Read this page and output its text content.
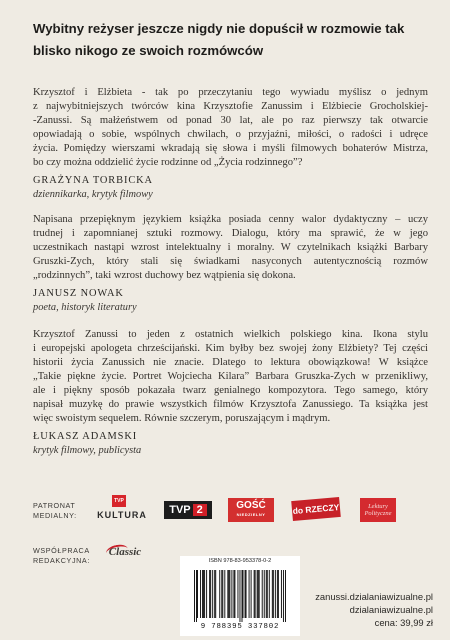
Wybitny reżyser jeszcze nigdy nie dopuścił w rozmowie tak
blisko nikogo ze swoich rozmówców
Krzysztof i Elżbieta - tak po przeczytaniu tego wywiadu myślisz o jednym
z najwybitniejszych twórców kina Krzysztofie Zanussim i Elżbiecie Grocholskiej-
-Zanussi. Są małżeństwem od ponad 30 lat, ale po raz pierwszy tak otwarcie
opowiadają o sobie, wspólnych chwilach, o przyjaźni, miłości, o radości i udręce
życia. Pomiędzy wierszami wkradają się słowa i myśli filmowych bohaterów Mistrza,
bo czy można oddzielić życie rodzinne od „Życia rodzinnego”?
GRAŻYNA TORBICKA
dziennikarka, krytyk filmowy
Napisana przepięknym językiem książka posiada cenny walor dydaktyczny – uczy
trudnej i zapomnianej sztuki rozmowy. Dialogu, który ma sprawić, że w jego
uczestnikach nastąpi wzrost intelektualny i moralny. W czytelnikach książki Barbary
Gruszki-Zych, który stali się świadkami nasyconych autentycznością rozmów
„rodzinnych”, taki wzrost duchowy bez wątpienia się dokona.
JANUSZ NOWAK
poeta, historyk literatury
Krzysztof Zanussi to jeden z ostatnich wielkich polskiego kina. Ikona stylu
i europejski apologeta chrześcijański. Kim byłby bez swojej żony Elżbiety? Tej części
historii życia Zanussich nie znacie. Dlatego to lektura obowiązkowa! W książce
„Takie piękne życie. Portret Wojciecha Kilara” Barbara Gruszka-Zych w przenikliwy,
ale i piękny sposób pokazała twarz genialnego kompozytora. Tego samego, który
napisał muzykę do prawie wszystkich filmów Krzysztofa Zanussiego. Ta książka jest
więc swoistym sequelem. Równie szczerym, poruszającym i mądrym.
ŁUKASZ ADAMSKI
krytyk filmowy, publicysta
PATRONAT
MEDIALNY:
TVP
KULTURA TVP 2	GOŚĆ
NIEDZIELNY	do RZECZY	Lektury
Polityczne
WSPÓŁPRACA
REDAKCYJNA:
Classic
ISBN 978-83-953378-0-2
9 788395 337802
zanussi.dzialaniawizualne.pl
dzialaniawizualne.pl
cena: 39,99 zł
